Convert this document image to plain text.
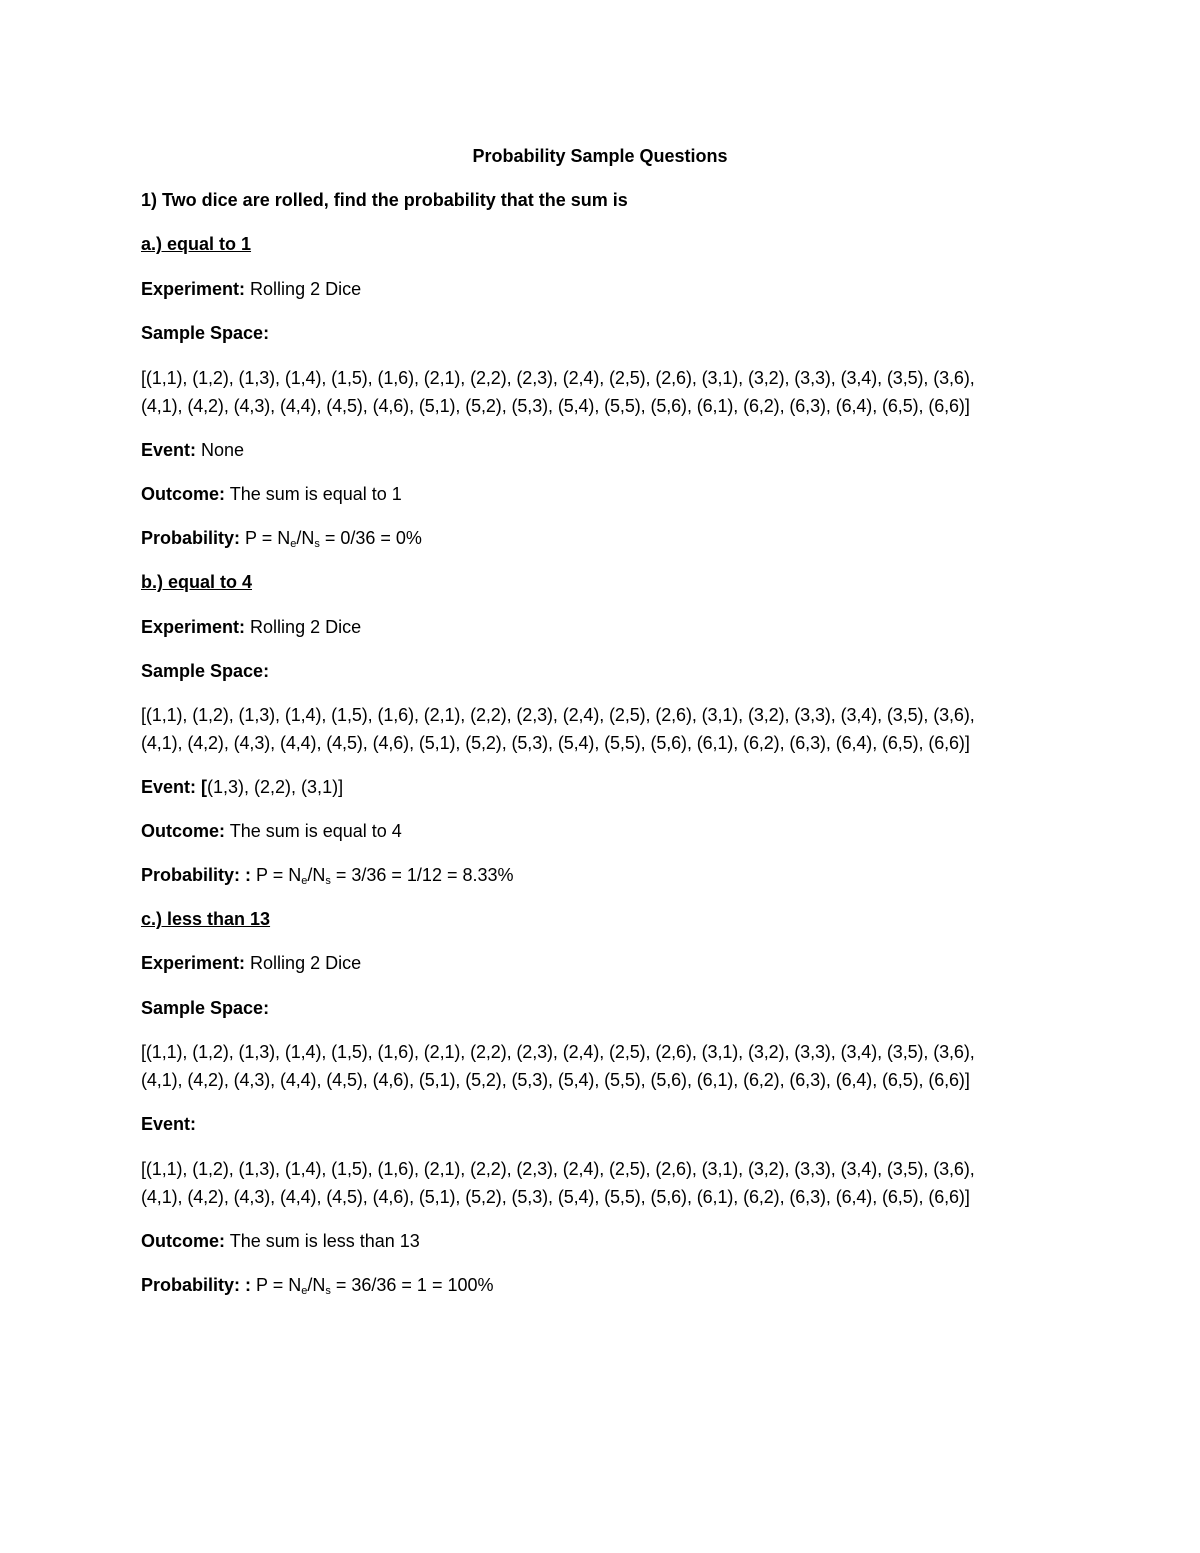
Probability Sample Questions
1) Two dice are rolled, find the probability that the sum is
a.) equal to 1
Experiment: Rolling 2 Dice
Sample Space:
[(1,1), (1,2), (1,3), (1,4), (1,5), (1,6), (2,1), (2,2), (2,3), (2,4), (2,5), (2,6), (3,1), (3,2), (3,3), (3,4), (3,5), (3,6),
(4,1), (4,2), (4,3), (4,4), (4,5), (4,6), (5,1), (5,2), (5,3), (5,4), (5,5), (5,6), (6,1), (6,2), (6,3), (6,4), (6,5), (6,6)]
Event: None
Outcome: The sum is equal to 1
Probability: $P = N_e/N_s = 0/36 = 0\%$
b.) equal to 4
Experiment: Rolling 2 Dice
Sample Space:
[(1,1), (1,2), (1,3), (1,4), (1,5), (1,6), (2,1), (2,2), (2,3), (2,4), (2,5), (2,6), (3,1), (3,2), (3,3), (3,4), (3,5), (3,6),
(4,1), (4,2), (4,3), (4,4), (4,5), (4,6), (5,1), (5,2), (5,3), (5,4), (5,5), (5,6), (6,1), (6,2), (6,3), (6,4), (6,5), (6,6)]
Event: [(1,3), (2,2), (3,1)]
Outcome: The sum is equal to 4
Probability: : $P = N_e/N_s = 3/36 = 1/12 = 8.33\%$
c.) less than 13
Experiment: Rolling 2 Dice
Sample Space:
[(1,1), (1,2), (1,3), (1,4), (1,5), (1,6), (2,1), (2,2), (2,3), (2,4), (2,5), (2,6), (3,1), (3,2), (3,3), (3,4), (3,5), (3,6),
(4,1), (4,2), (4,3), (4,4), (4,5), (4,6), (5,1), (5,2), (5,3), (5,4), (5,5), (5,6), (6,1), (6,2), (6,3), (6,4), (6,5), (6,6)]
Event:
[(1,1), (1,2), (1,3), (1,4), (1,5), (1,6), (2,1), (2,2), (2,3), (2,4), (2,5), (2,6), (3,1), (3,2), (3,3), (3,4), (3,5), (3,6),
(4,1), (4,2), (4,3), (4,4), (4,5), (4,6), (5,1), (5,2), (5,3), (5,4), (5,5), (5,6), (6,1), (6,2), (6,3), (6,4), (6,5), (6,6)]
Outcome: The sum is less than 13
Probability: : $P = N_e/N_s = 36/36 = 1 = 100\%$
